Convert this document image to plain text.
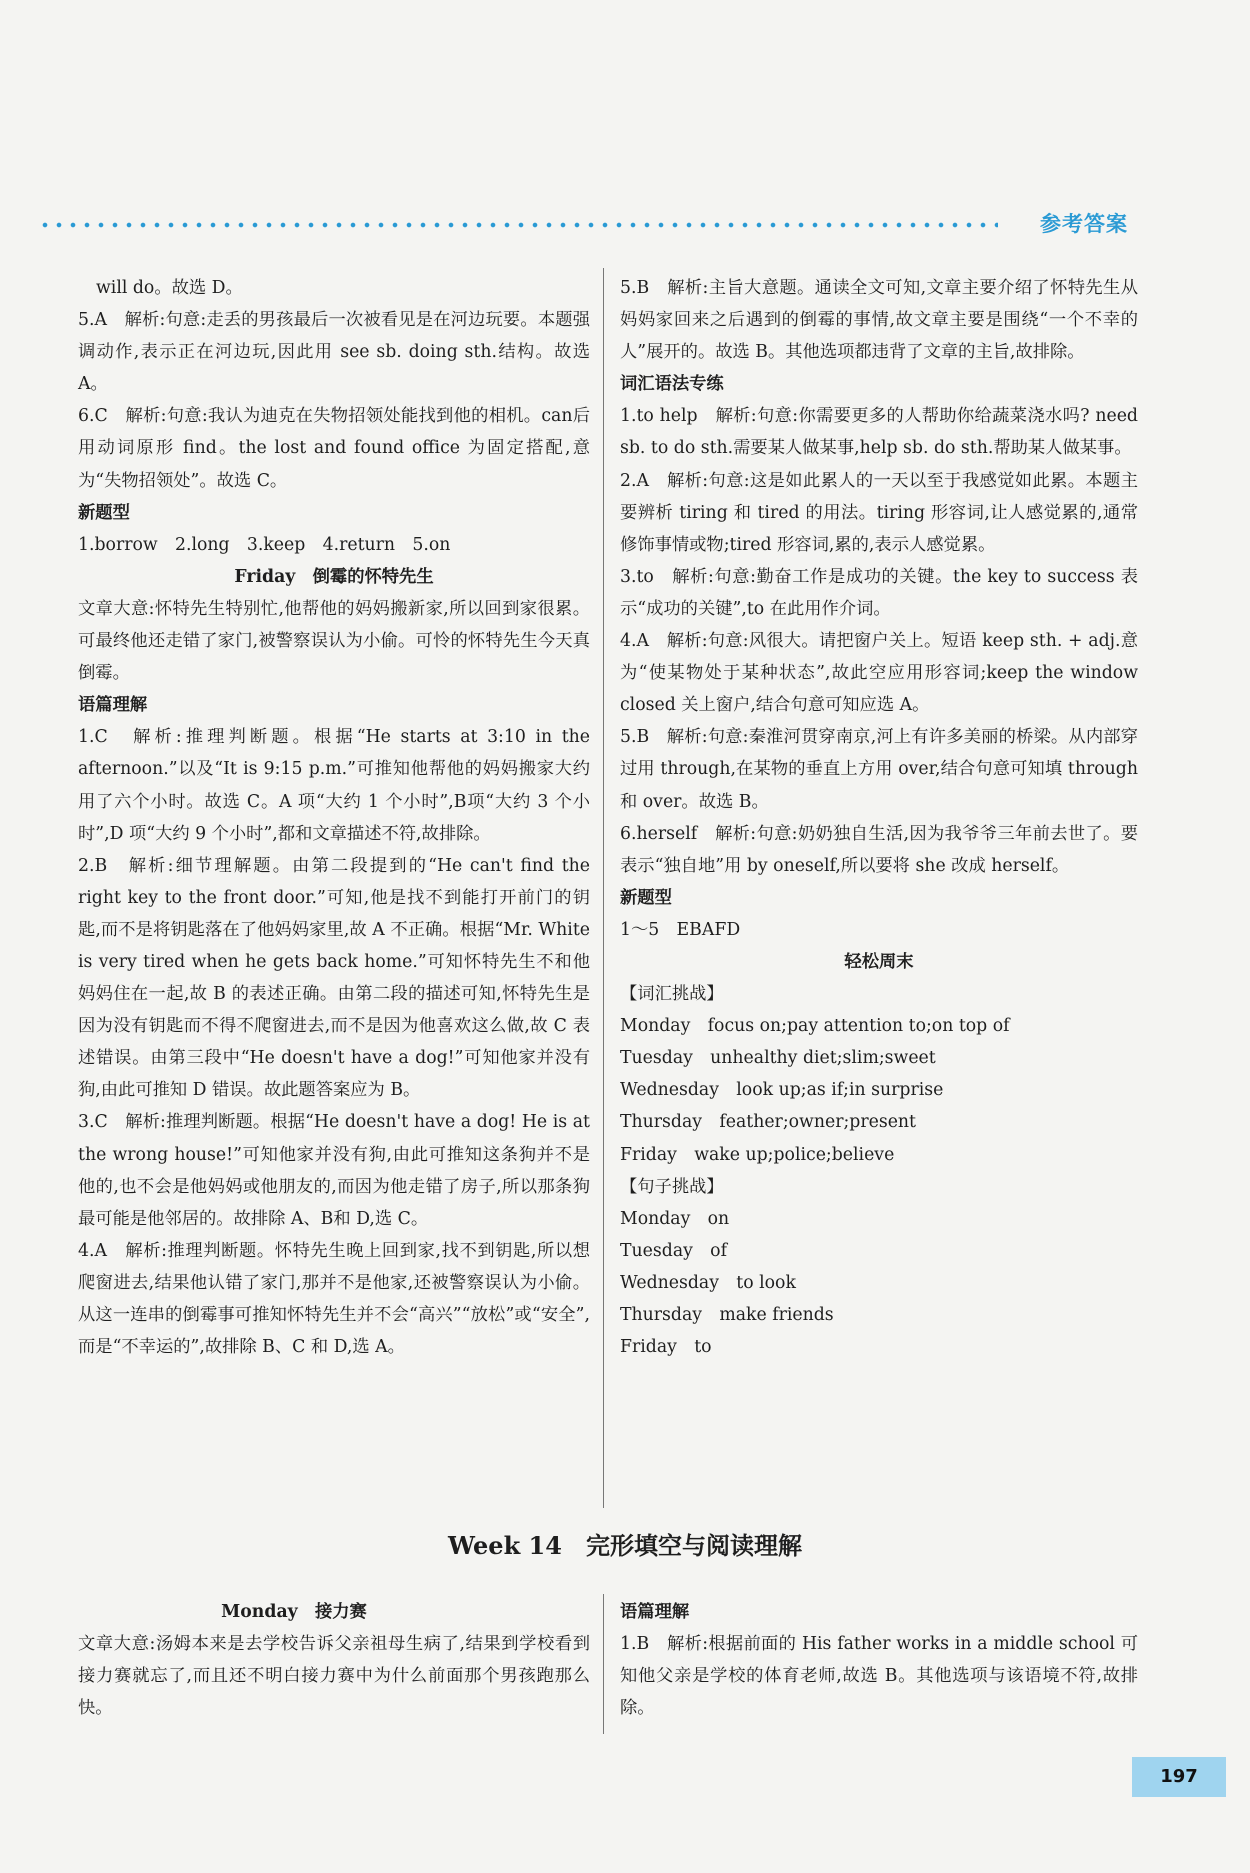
参考答案

will do。故选 D。

5.A　解析:句意:走丢的男孩最后一次被看见是在河边玩要。本题强调动作,表示正在河边玩,因此用 see sb. doing sth.结构。故选 A。

6.C　解析:句意:我认为迪克在失物招领处能找到他的相机。can后用动词原形 find。the lost and found office 为固定搭配,意为“失物招领处”。故选 C。

新题型

1.borrow　2.long　3.keep　4.return　5.on

Friday　倒霉的怀特先生

文章大意:怀特先生特别忙,他帮他的妈妈搬新家,所以回到家很累。可最终他还走错了家门,被警察误认为小偷。可怜的怀特先生今天真倒霉。

语篇理解

1.C　解析:推理判断题。根据“He starts at 3:10 in the afternoon.”以及“It is 9:15 p.m.”可推知他帮他的妈妈搬家大约用了六个小时。故选 C。A 项“大约 1 个小时”,B项“大约 3 个小时”,D 项“大约 9 个小时”,都和文章描述不符,故排除。

2.B　解析:细节理解题。由第二段提到的“He can't find the right key to the front door.”可知,他是找不到能打开前门的钥匙,而不是将钥匙落在了他妈妈家里,故 A 不正确。根据“Mr. White is very tired when he gets back home.”可知怀特先生不和他妈妈住在一起,故 B 的表述正确。由第二段的描述可知,怀特先生是因为没有钥匙而不得不爬窗进去,而不是因为他喜欢这么做,故 C 表述错误。由第三段中“He doesn't have a dog!”可知他家并没有狗,由此可推知 D 错误。故此题答案应为 B。

3.C　解析:推理判断题。根据“He doesn't have a dog! He is at the wrong house!”可知他家并没有狗,由此可推知这条狗并不是他的,也不会是他妈妈或他朋友的,而因为他走错了房子,所以那条狗最可能是他邻居的。故排除 A、B和 D,选 C。

4.A　解析:推理判断题。怀特先生晚上回到家,找不到钥匙,所以想爬窗进去,结果他认错了家门,那并不是他家,还被警察误认为小偷。从这一连串的倒霉事可推知怀特先生并不会“高兴”“放松”或“安全”,而是“不幸运的”,故排除 B、C 和 D,选 A。

5.B　解析:主旨大意题。通读全文可知,文章主要介绍了怀特先生从妈妈家回来之后遇到的倒霉的事情,故文章主要是围绕“一个不幸的人”展开的。故选 B。其他选项都违背了文章的主旨,故排除。

词汇语法专练

1.to help　解析:句意:你需要更多的人帮助你给蔬菜浇水吗? need sb. to do sth.需要某人做某事,help sb. do sth.帮助某人做某事。

2.A　解析:句意:这是如此累人的一天以至于我感觉如此累。本题主要辨析 tiring 和 tired 的用法。tiring 形容词,让人感觉累的,通常修饰事情或物;tired 形容词,累的,表示人感觉累。

3.to　解析:句意:勤奋工作是成功的关键。the key to success 表示“成功的关键”,to 在此用作介词。

4.A　解析:句意:风很大。请把窗户关上。短语 keep sth. + adj.意为“使某物处于某种状态”,故此空应用形容词;keep the window closed 关上窗户,结合句意可知应选 A。

5.B　解析:句意:秦淮河贯穿南京,河上有许多美丽的桥梁。从内部穿过用 through,在某物的垂直上方用 over,结合句意可知填 through 和 over。故选 B。

6.herself　解析:句意:奶奶独自生活,因为我爷爷三年前去世了。要表示“独自地”用 by oneself,所以要将 she 改成 herself。

新题型

1～5　EBAFD

轻松周末

【词汇挑战】

Monday　focus on;pay attention to;on top of

Tuesday　unhealthy diet;slim;sweet

Wednesday　look up;as if;in surprise

Thursday　feather;owner;present

Friday　wake up;police;believe

【句子挑战】

Monday　on

Tuesday　of

Wednesday　to look

Thursday　make friends

Friday　to

Week 14　完形填空与阅读理解

Monday　接力赛

文章大意:汤姆本来是去学校告诉父亲祖母生病了,结果到学校看到接力赛就忘了,而且还不明白接力赛中为什么前面那个男孩跑那么快。

语篇理解

1.B　解析:根据前面的 His father works in a middle school 可知他父亲是学校的体育老师,故选 B。其他选项与该语境不符,故排除。

197
